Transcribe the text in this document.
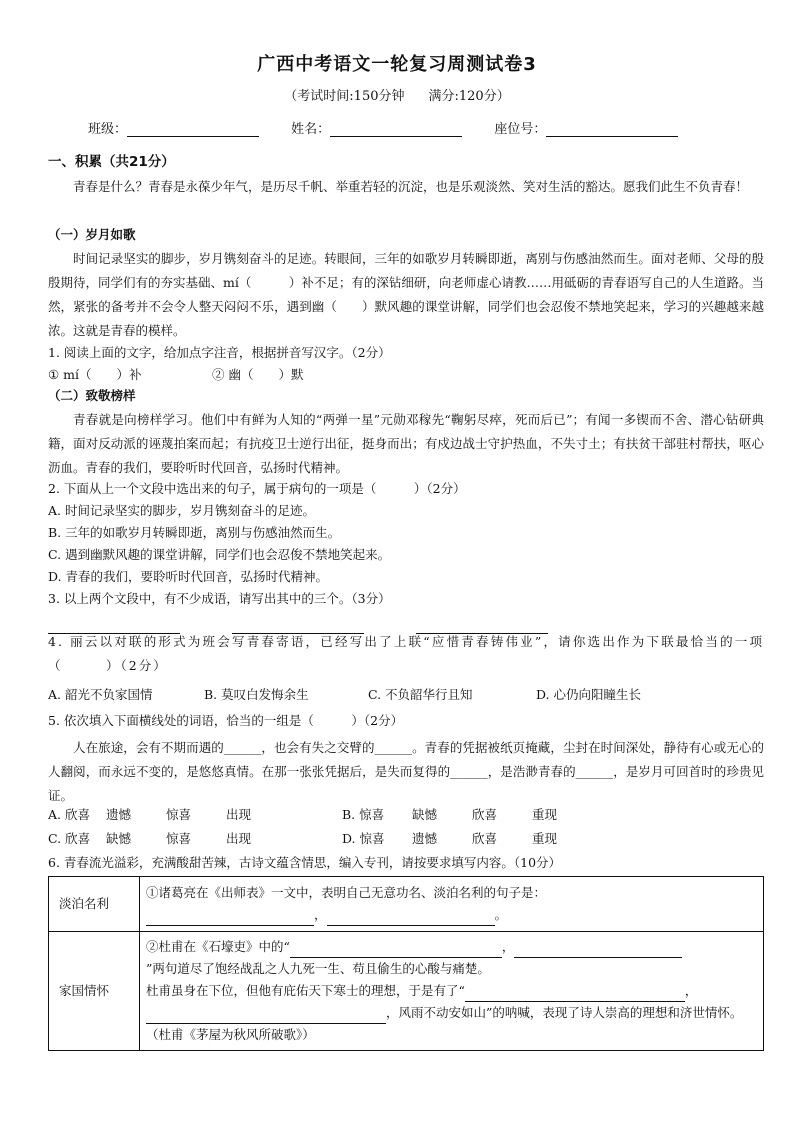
广西中考语文一轮复习周测试卷3
（考试时间:150分钟 满分:120分）
班级：	姓名：	座位号：
一、积累（共21分）
青春是什么？青春是永葆少年气，是历尽千帆、举重若轻的沉淀，也是乐观淡然、笑对生活的豁达。愿我们此生不负青春！
（一）岁月如歌
时间记录坚实的脚步，岁月镌刻奋斗的足迹。转眼间，三年的如歌岁月转瞬即逝，离别与伤感油然而生。面对老师、父母的殷殷期待，同学们有的夯实基础、mí（　　　）补不足；有的深钻细研，向老师虚心请教……用砥砺的青春语写自己的人生道路。当然，紧张的备考并不会令人整天闷闷不乐，遇到幽（　　）默风趣的课堂讲解，同学们也会忍俊不禁地笑起来，学习的兴趣越来越浓。这就是青春的模样。
1. 阅读上面的文字，给加点字注音，根据拼音写汉字。（2分）
① mí（　　）补	② 幽（　　）默
（二）致敬榜样
青春就是向榜样学习。他们中有鲜为人知的“两弹一星”元勋邓稼先“鞠躬尽瘁，死而后已”；有闻一多锲而不舍、潜心钻研典籍，面对反动派的诬蔑拍案而起；有抗疫卫士逆行出征，挺身而出；有戍边战士守护热血，不失寸土；有扶贫干部驻村帮扶，呕心沥血。青春的我们，要聆听时代回音，弘扬时代精神。
2. 下面从上一个文段中选出来的句子，属于病句的一项是（　　　）（2分）
A. 时间记录坚实的脚步，岁月镌刻奋斗的足迹。
B. 三年的如歌岁月转瞬即逝，离别与伤感油然而生。
C. 遇到幽默风趣的课堂讲解，同学们也会忍俊不禁地笑起来。
D. 青春的我们，要聆听时代回音，弘扬时代精神。
3. 以上两个文段中，有不少成语，请写出其中的三个。（3分）

4. 丽云以对联的形式为班会写青春寄语，已经写出了上联“应惜青春铸伟业”，请你选出作为下联最恰当的一项（　　　）（2分）
A. 韶光不负家国情	B. 莫叹白发悔余生	C. 不负韶华行且知	D. 心仍向阳瞳生长
5. 依次填入下面横线处的词语，恰当的一组是（　　　）（2分）
人在旅途，会有不期而遇的______，也会有失之交臂的______。青春的凭据被纸页掩藏，尘封在时间深处，静待有心或无心的人翻阅，而永远不变的，是悠悠真情。在那一张张凭据后，是失而复得的______，是浩渺青春的______，是岁月可回首时的珍贵见证。
A. 欣喜 遗憾	惊喜	出现	B. 惊喜 缺憾	欣喜	重现
C. 欣喜 缺憾	惊喜	出现	D. 惊喜 遗憾	欣喜	重现
6. 青春流光溢彩，充满酸甜苦辣，古诗文蕴含情思，编入专刊，请按要求填写内容。（10分）
淡泊名利	①诸葛亮在《出师表》一文中，表明自己无意功名、淡泊名利的句子是：
， 。

家国情怀	②杜甫在《石壕吏》中的“ ，
”两句道尽了饱经战乱之人九死一生、苟且偷生的心酸与痛楚。
杜甫虽身在下位，但他有庇佑天下寒士的理想，于是有了“ ，
，风雨不动安如山”的呐喊，表现了诗人崇高的理想和济世情怀。（杜甫《茅屋为秋风所破歌》）
